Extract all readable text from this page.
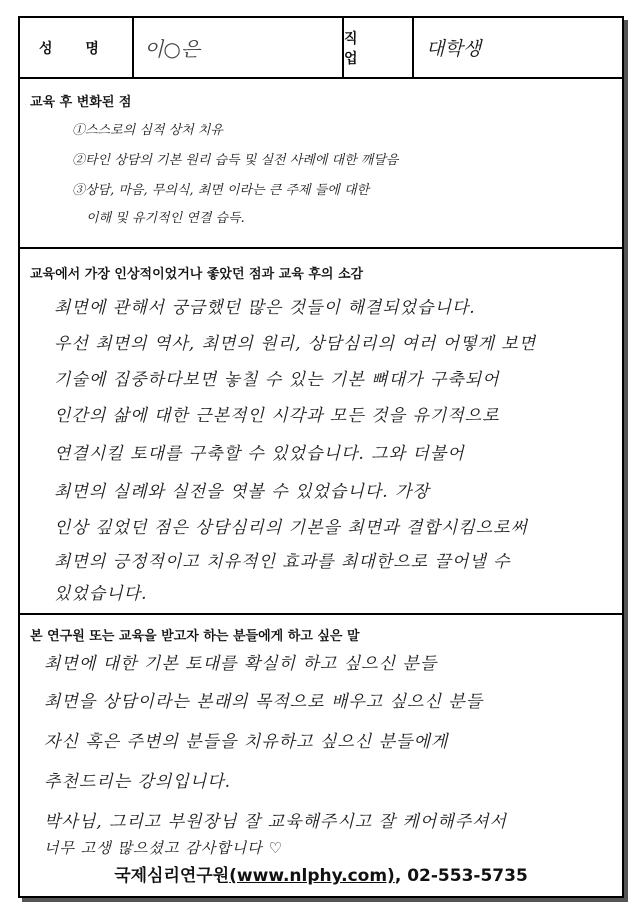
성 명	이○은	직 업	대학생
교육 후 변화된 점
①스스로의 심적 상처 치유
②타인 상담의 기본 원리 습득 및 실전 사례에 대한 깨달음
③상담, 마음, 무의식, 최면 이라는 큰 주제 들에 대한
이해 및 유기적인 연결 습득.
교육에서 가장 인상적이었거나 좋았던 점과 교육 후의 소감
최면에 관해서 궁금했던 많은 것들이 해결되었습니다.
우선 최면의 역사, 최면의 원리, 상담심리의 여러 어떻게 보면
기술에 집중하다보면 놓칠 수 있는 기본 뼈대가 구축되어
인간의 삶에 대한 근본적인 시각과 모든 것을 유기적으로
연결시킬 토대를 구축할 수 있었습니다. 그와 더불어
최면의 실례와 실전을 엿볼 수 있었습니다. 가장
인상 깊었던 점은 상담심리의 기본을 최면과 결합시킴으로써
최면의 긍정적이고 치유적인 효과를 최대한으로 끌어낼 수
있었습니다.
본 연구원 또는 교육을 받고자 하는 분들에게 하고 싶은 말
최면에 대한 기본 토대를 확실히 하고 싶으신 분들
최면을 상담이라는 본래의 목적으로 배우고 싶으신 분들
자신 혹은 주변의 분들을 치유하고 싶으신 분들에게
추천드리는 강의입니다.
박사님, 그리고 부원장님 잘 교육해주시고 잘 케어해주셔서
너무 고생 많으셨고 감사합니다 ♡
국제심리연구원(www.nlphy.com), 02-553-5735
